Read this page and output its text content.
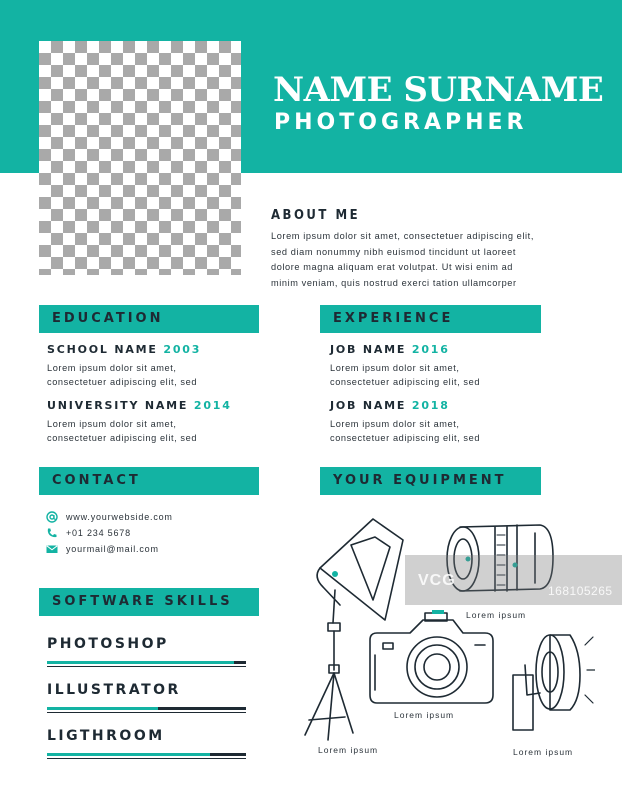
NAME SURNAME
PHOTOGRAPHER
ABOUT ME
Lorem ipsum dolor sit amet, consectetuer adipiscing elit,
sed diam nonummy nibh euismod tincidunt ut laoreet
dolore magna aliquam erat volutpat. Ut wisi enim ad
minim veniam, quis nostrud exerci tation ullamcorper
EDUCATION
SCHOOL NAME 2003
Lorem ipsum dolor sit amet,
consectetuer adipiscing elit, sed
UNIVERSITY NAME 2014
Lorem ipsum dolor sit amet,
consectetuer adipiscing elit, sed
EXPERIENCE
JOB NAME 2016
Lorem ipsum dolor sit amet,
consectetuer adipiscing elit, sed
JOB NAME 2018
Lorem ipsum dolor sit amet,
consectetuer adipiscing elit, sed
CONTACT
www.yourwebside.com
+01 234 5678
yourmail@mail.com
SOFTWARE SKILLS
PHOTOSHOP
ILLUSTRATOR
LIGTHROOM
YOUR EQUIPMENT
Lorem ipsum
Lorem ipsum
Lorem ipsum	Lorem ipsum
VCG
168105265
